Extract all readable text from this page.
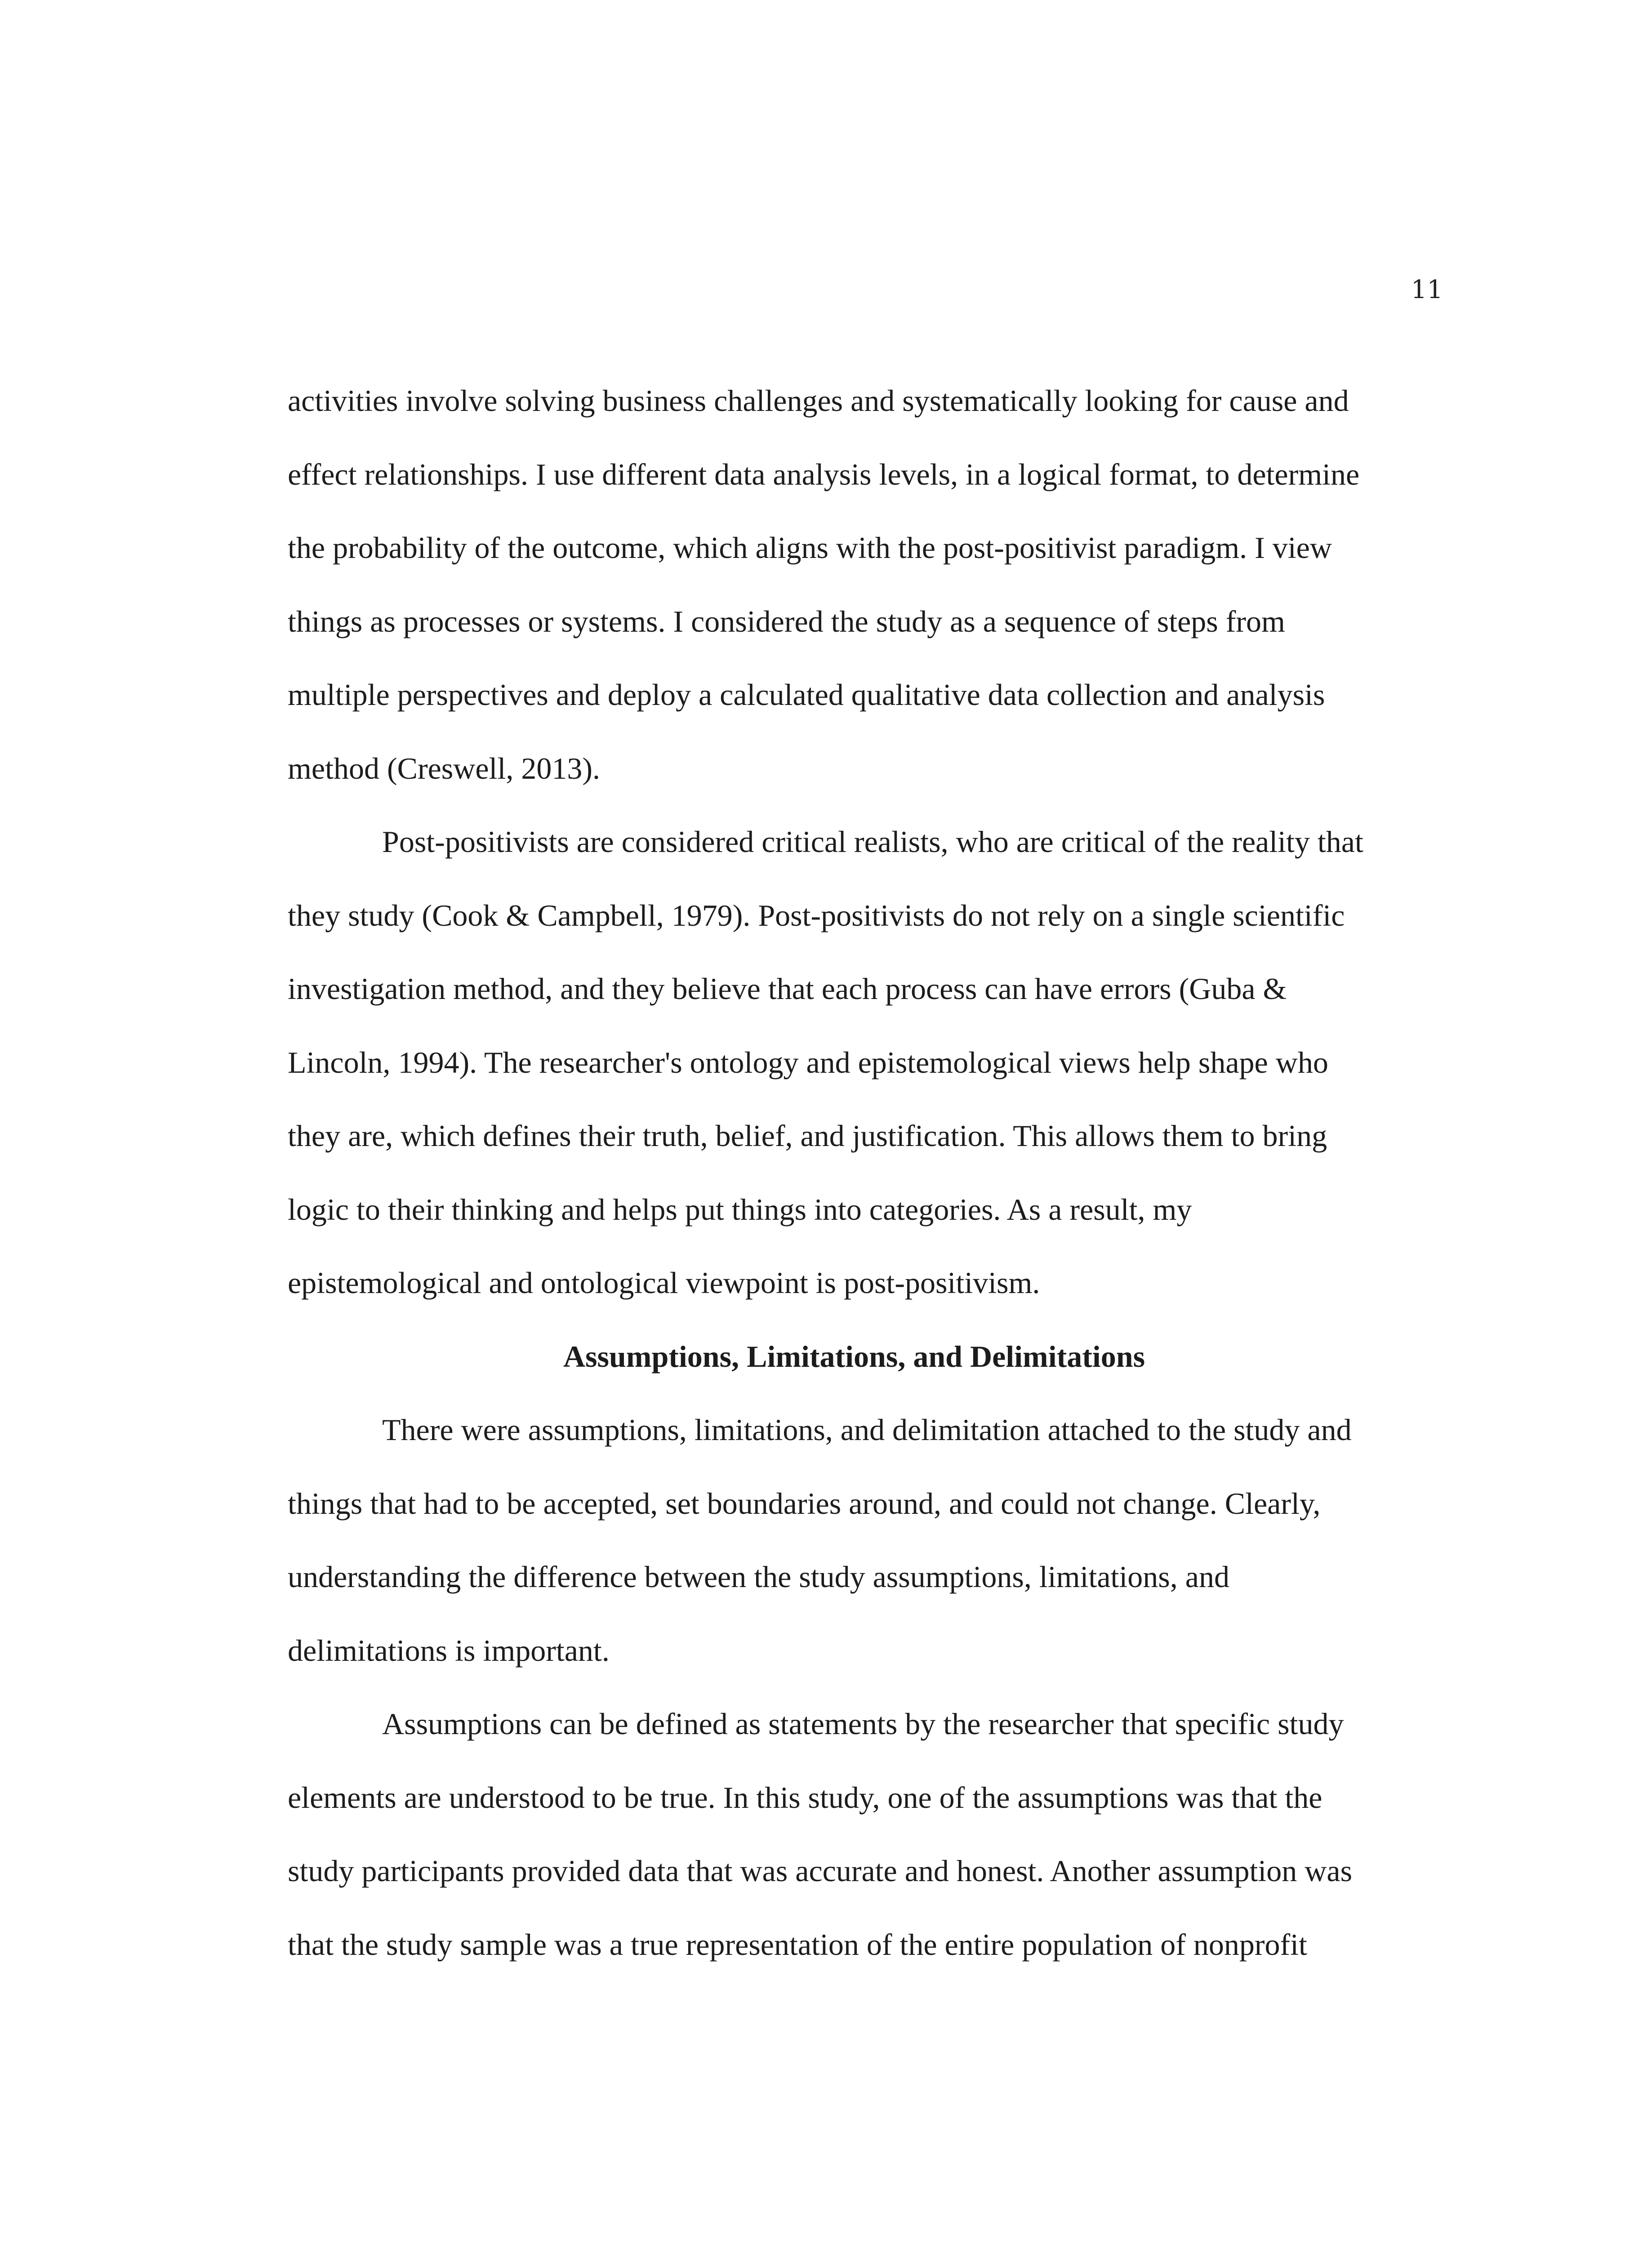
11
activities involve solving business challenges and systematically looking for cause and
effect relationships. I use different data analysis levels, in a logical format, to determine
the probability of the outcome, which aligns with the post-positivist paradigm. I view
things as processes or systems. I considered the study as a sequence of steps from
multiple perspectives and deploy a calculated qualitative data collection and analysis
method (Creswell, 2013).
Post-positivists are considered critical realists, who are critical of the reality that
they study (Cook & Campbell, 1979). Post-positivists do not rely on a single scientific
investigation method, and they believe that each process can have errors (Guba &
Lincoln, 1994). The researcher's ontology and epistemological views help shape who
they are, which defines their truth, belief, and justification. This allows them to bring
logic to their thinking and helps put things into categories. As a result, my
epistemological and ontological viewpoint is post-positivism.
Assumptions, Limitations, and Delimitations
There were assumptions, limitations, and delimitation attached to the study and
things that had to be accepted, set boundaries around, and could not change. Clearly,
understanding the difference between the study assumptions, limitations, and
delimitations is important.
Assumptions can be defined as statements by the researcher that specific study
elements are understood to be true. In this study, one of the assumptions was that the
study participants provided data that was accurate and honest. Another assumption was
that the study sample was a true representation of the entire population of nonprofit
